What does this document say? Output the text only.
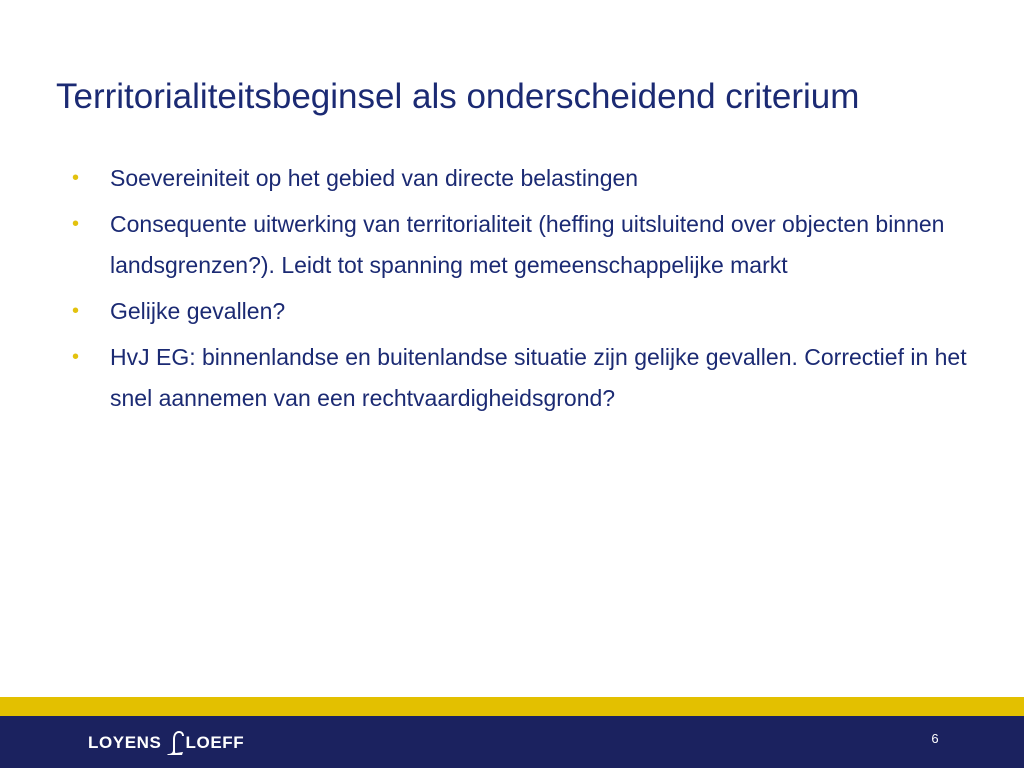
Territorialiteitsbeginsel als onderscheidend criterium
•	Soevereiniteit op het gebied van directe belastingen
•	Consequente uitwerking van territorialiteit (heffing uitsluitend over objecten binnen landsgrenzen?). Leidt tot spanning met gemeenschappelijke markt
•	Gelijke gevallen?
•	HvJ EG: binnenlandse en buitenlandse situatie zijn gelijke gevallen. Correctief in het snel aannemen van een rechtvaardigheidsgrond?
LOYENS LOEFF	6
